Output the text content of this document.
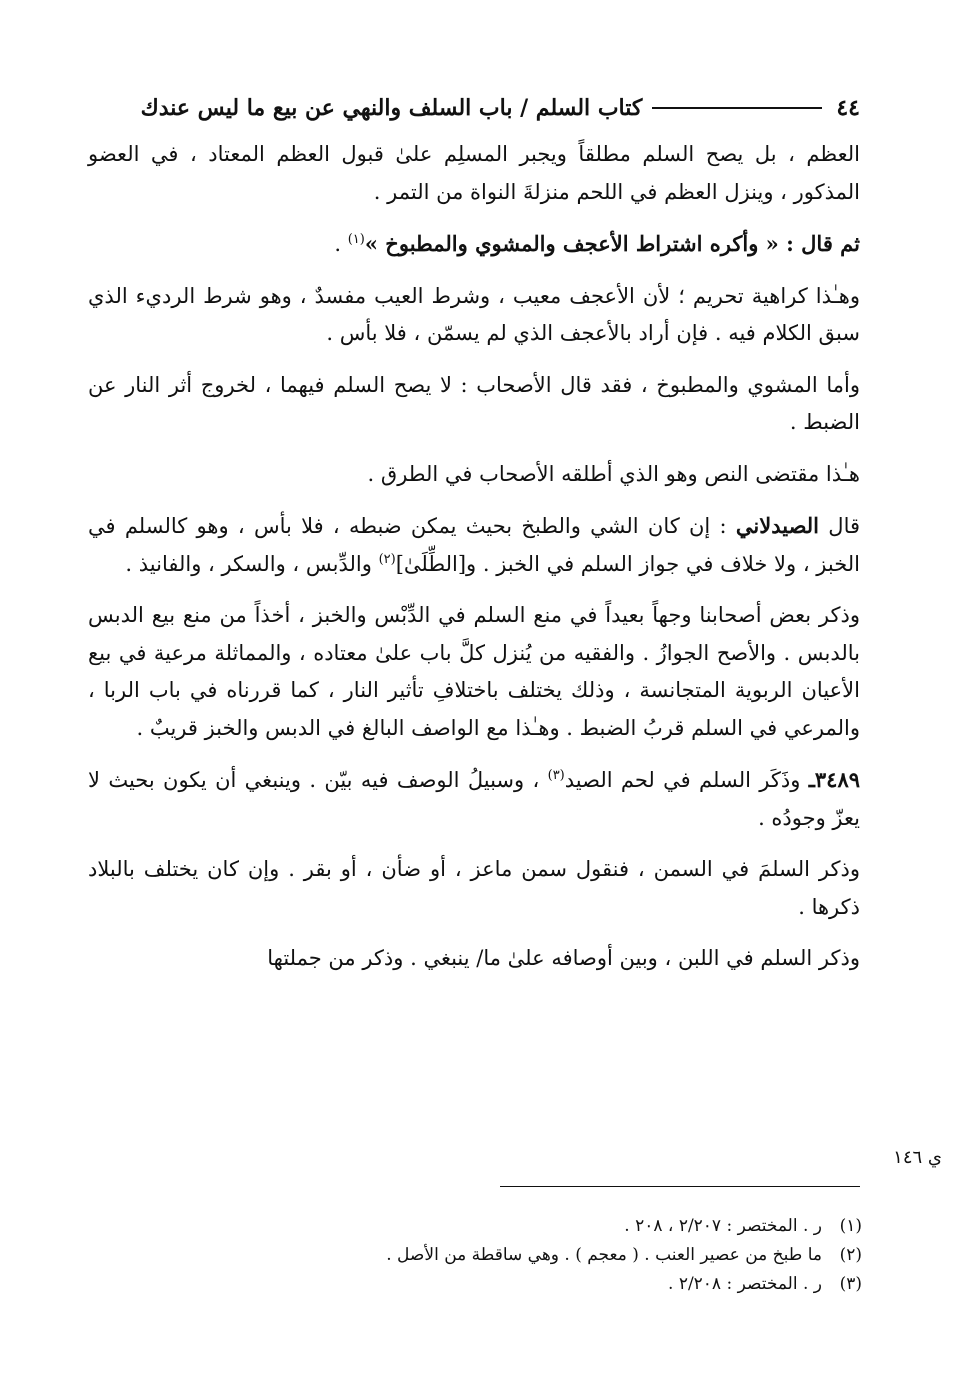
٤٤
كتاب السلم / باب السلف والنهي عن بيع ما ليس عندك

العظم ، بل يصح السلم مطلقاً ويجبر المسلِم علىٰ قبول العظم المعتاد ، في العضو المذكور ، وينزل العظم في اللحم منزلةَ النواة من التمر .

ثم قال : « وأكره اشتراط الأعجف والمشوي والمطبوخ »$^{(١)}$ .

وهـٰذا كراهية تحريم ؛ لأن الأعجف معيب ، وشرط العيب مفسدٌ ، وهو شرط الرديء الذي سبق الكلام فيه . فإن أراد بالأعجف الذي لم يسمّن ، فلا بأس .

وأما المشوي والمطبوخ ، فقد قال الأصحاب : لا يصح السلم فيهما ، لخروج أثر النار عن الضبط .

هـٰذا مقتضى النص وهو الذي أطلقه الأصحاب في الطرق .

قال الصيدلاني : إن كان الشي والطبخ بحيث يمكن ضبطه ، فلا بأس ، وهو كالسلم في الخبز ، ولا خلاف في جواز السلم في الخبز . و[الطِّلَىٰ]$^{(٢)}$ والدِّبس ، والسكر ، والفانيذ .

وذكر بعض أصحابنا وجهاً بعيداً في منع السلم في الدِّبْس والخبز ، أخذاً من منع بيع الدبس بالدبس . والأصح الجوازُ . والفقيه من يُنزل كلَّ باب علىٰ معتاده ، والمماثلة مرعية في بيع الأعيان الربوية المتجانسة ، وذلك يختلف باختلافِ تأثير النار ، كما قررناه في باب الربا ، والمرعي في السلم قربُ الضبط . وهـٰذا مع الواصف البالغ في الدبس والخبز قريبٌ .

٣٤٨٩ـ وذَكَر السلم في لحم الصيد$^{(٣)}$ ، وسبيلُ الوصف فيه بيّن . وينبغي أن يكون بحيث لا يعزّ وجودُه .

وذكر السلمَ في السمن ، فنقول سمن ماعز ، أو ضأن ، أو بقر . وإن كان يختلف بالبلاد ذكرها .

وذكر السلم في اللبن ، وبين أوصافه علىٰ ما/ ينبغي . وذكر من جملتها

ي ١٤٦
(١)
ر . المختصر : ٢/٢٠٧ ، ٢٠٨ .
(٢)
ما طبخ من عصير العنب . ( معجم ) . وهي ساقطة من الأصل .
(٣)
ر . المختصر : ٢/٢٠٨ .
